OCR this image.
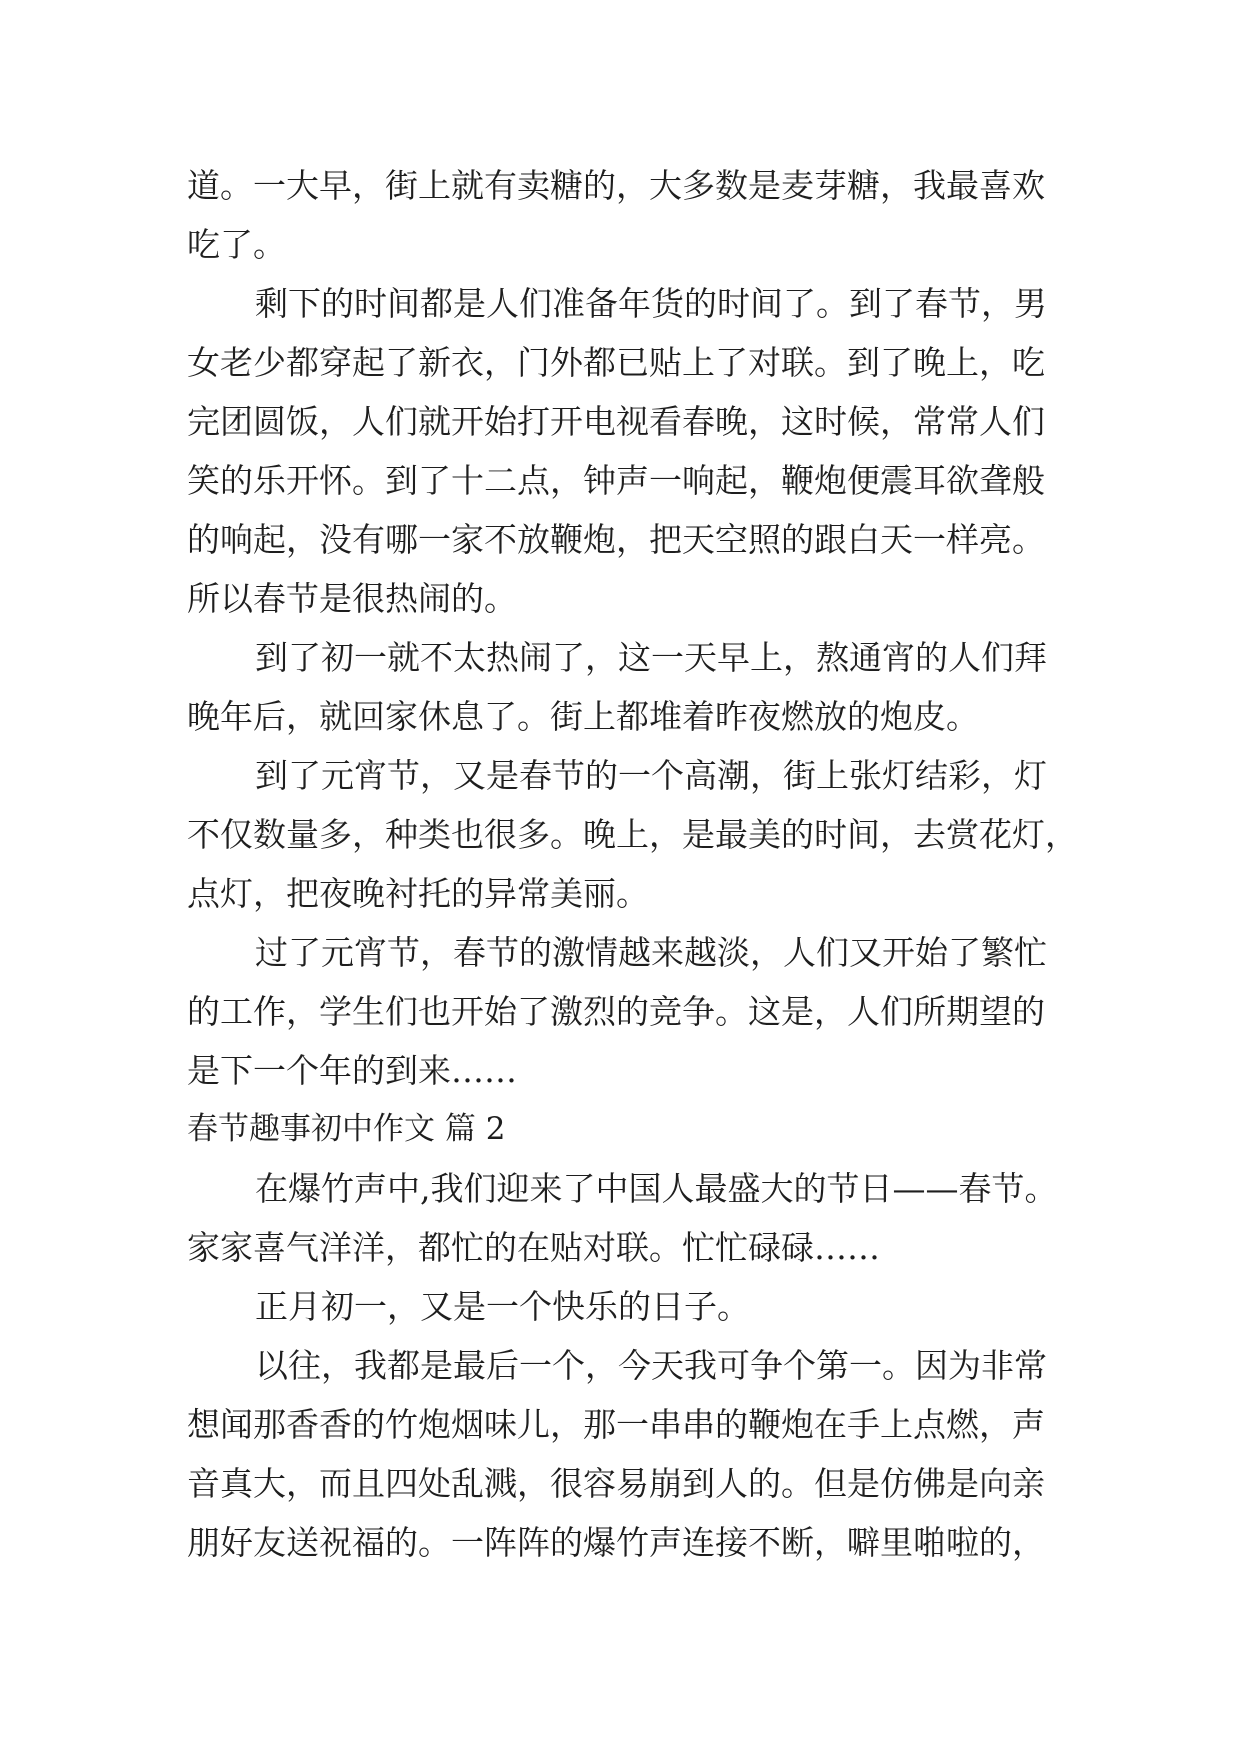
道。一大早，街上就有卖糖的，大多数是麦芽糖，我最喜欢
吃了。
剩下的时间都是人们准备年货的时间了。到了春节，男
女老少都穿起了新衣，门外都已贴上了对联。到了晚上，吃
完团圆饭，人们就开始打开电视看春晚，这时候，常常人们
笑的乐开怀。到了十二点，钟声一响起，鞭炮便震耳欲聋般
的响起，没有哪一家不放鞭炮，把天空照的跟白天一样亮。
所以春节是很热闹的。
到了初一就不太热闹了，这一天早上，熬通宵的人们拜
晚年后，就回家休息了。街上都堆着昨夜燃放的炮皮。
到了元宵节，又是春节的一个高潮，街上张灯结彩，灯
不仅数量多，种类也很多。晚上，是最美的时间，去赏花灯，
点灯，把夜晚衬托的异常美丽。
过了元宵节，春节的激情越来越淡，人们又开始了繁忙
的工作，学生们也开始了激烈的竞争。这是，人们所期望的
是下一个年的到来……
春节趣事初中作文 篇 2
在爆竹声中,我们迎来了中国人最盛大的节日——春节。
家家喜气洋洋，都忙的在贴对联。忙忙碌碌……
正月初一，又是一个快乐的日子。
以往，我都是最后一个，今天我可争个第一。因为非常
想闻那香香的竹炮烟味儿，那一串串的鞭炮在手上点燃，声
音真大，而且四处乱溅，很容易崩到人的。但是仿佛是向亲
朋好友送祝福的。一阵阵的爆竹声连接不断，噼里啪啦的，
